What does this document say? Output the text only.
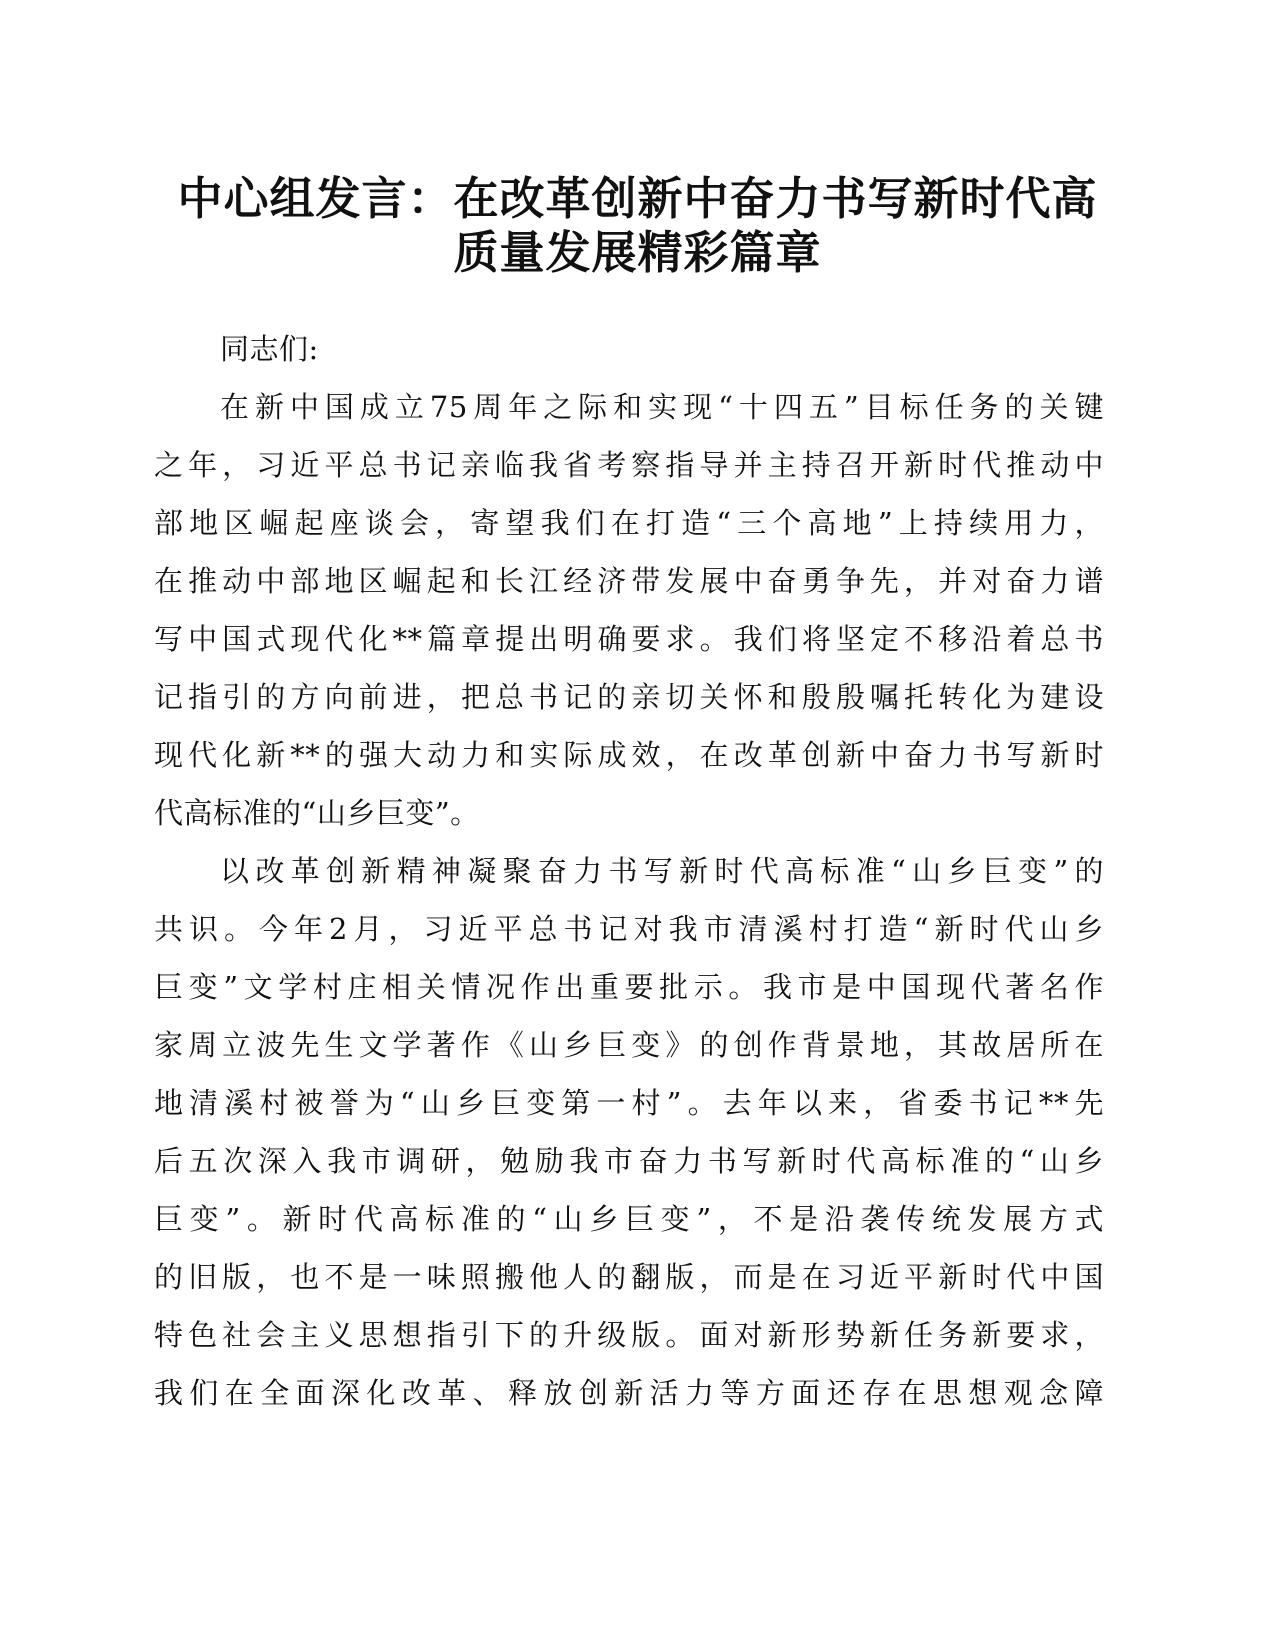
中心组发言：在改革创新中奋力书写新时代高
质量发展精彩篇章
同志们:
在新中国成立75周年之际和实现“十四五”目标任务的关键
之年，习近平总书记亲临我省考察指导并主持召开新时代推动中
部地区崛起座谈会，寄望我们在打造“三个高地”上持续用力，
在推动中部地区崛起和长江经济带发展中奋勇争先，并对奋力谱
写中国式现代化**篇章提出明确要求。我们将坚定不移沿着总书
记指引的方向前进，把总书记的亲切关怀和殷殷嘱托转化为建设
现代化新**的强大动力和实际成效，在改革创新中奋力书写新时
代高标准的“山乡巨变”。
以改革创新精神凝聚奋力书写新时代高标准“山乡巨变”的
共识。今年2月，习近平总书记对我市清溪村打造“新时代山乡
巨变”文学村庄相关情况作出重要批示。我市是中国现代著名作
家周立波先生文学著作《山乡巨变》的创作背景地，其故居所在
地清溪村被誉为“山乡巨变第一村”。去年以来，省委书记**先
后五次深入我市调研，勉励我市奋力书写新时代高标准的“山乡
巨变”。新时代高标准的“山乡巨变”，不是沿袭传统发展方式
的旧版，也不是一味照搬他人的翻版，而是在习近平新时代中国
特色社会主义思想指引下的升级版。面对新形势新任务新要求，
我们在全面深化改革、释放创新活力等方面还存在思想观念障
